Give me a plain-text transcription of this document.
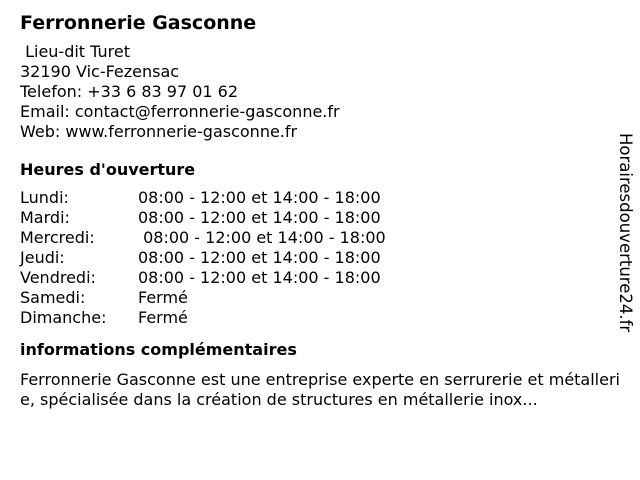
Ferronnerie Gasconne
Lieu-dit Turet
32190 Vic-Fezensac
Telefon: +33 6 83 97 01 62
Email: contact@ferronnerie-gasconne.fr
Web: www.ferronnerie-gasconne.fr
Heures d'ouverture
Lundi:	08:00 - 12:00 et 14:00 - 18:00
Mardi:	08:00 - 12:00 et 14:00 - 18:00
Mercredi:	08:00 - 12:00 et 14:00 - 18:00
Jeudi:	08:00 - 12:00 et 14:00 - 18:00
Vendredi:	08:00 - 12:00 et 14:00 - 18:00
Samedi:	Fermé
Dimanche:	Fermé
informations complémentaires
Ferronnerie Gasconne est une entreprise experte en serrurerie et métallerie, spécialisée dans la création de structures en métallerie inox...
Horairesdouverture24.fr
